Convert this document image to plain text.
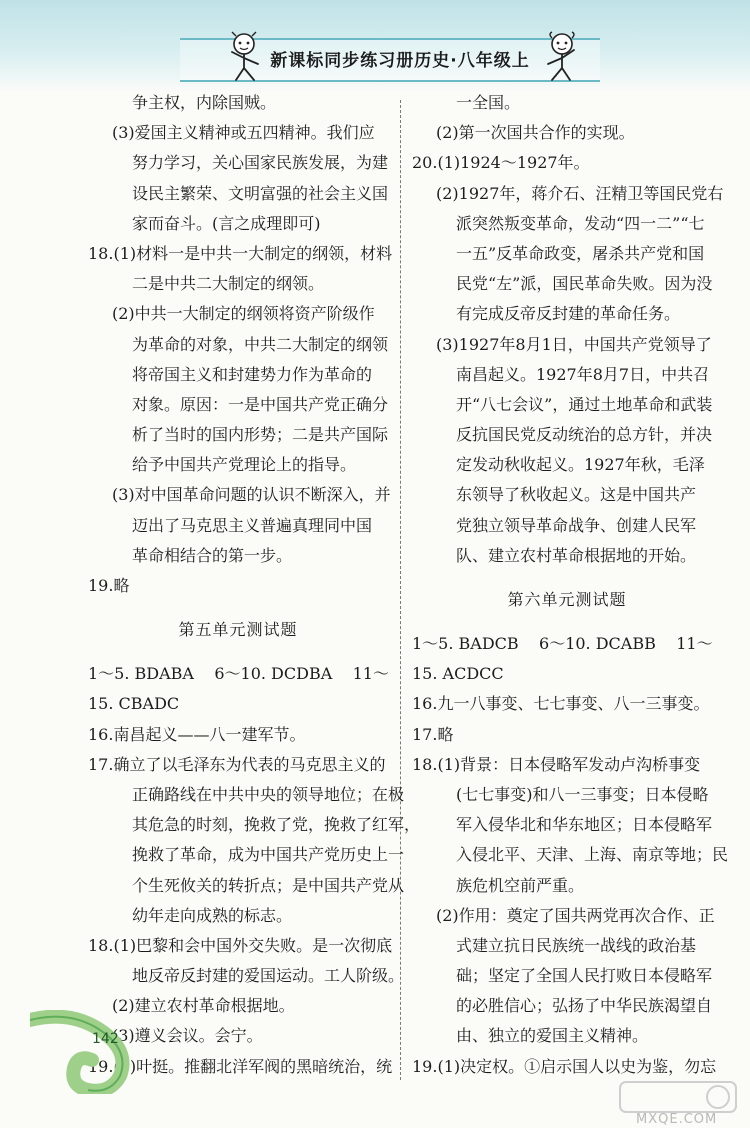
新课标同步练习册历史·八年级上
争主权，内除国贼。
(3)爱国主义精神或五四精神。我们应
努力学习，关心国家民族发展，为建
设民主繁荣、文明富强的社会主义国
家而奋斗。(言之成理即可)
18.(1)材料一是中共一大制定的纲领，材料
二是中共二大制定的纲领。
(2)中共一大制定的纲领将资产阶级作
为革命的对象，中共二大制定的纲领
将帝国主义和封建势力作为革命的
对象。原因：一是中国共产党正确分
析了当时的国内形势；二是共产国际
给予中国共产党理论上的指导。
(3)对中国革命问题的认识不断深入，并
迈出了马克思主义普遍真理同中国
革命相结合的第一步。
19.略
第五单元测试题
1～5. BDABA    6～10. DCDBA    11～
15. CBADC
16.南昌起义——八一建军节。
17.确立了以毛泽东为代表的马克思主义的
正确路线在中共中央的领导地位；在极
其危急的时刻，挽救了党，挽救了红军，
挽救了革命，成为中国共产党历史上一
个生死攸关的转折点；是中国共产党从
幼年走向成熟的标志。
18.(1)巴黎和会中国外交失败。是一次彻底
地反帝反封建的爱国运动。工人阶级。
(2)建立农村革命根据地。
(3)遵义会议。会宁。
19.(1)叶挺。推翻北洋军阀的黑暗统治，统
一全国。
(2)第一次国共合作的实现。
20.(1)1924～1927年。
(2)1927年，蒋介石、汪精卫等国民党右
派突然叛变革命，发动“四一二”“七
一五”反革命政变，屠杀共产党和国
民党“左”派，国民革命失败。因为没
有完成反帝反封建的革命任务。
(3)1927年8月1日，中国共产党领导了
南昌起义。1927年8月7日，中共召
开“八七会议”，通过土地革命和武装
反抗国民党反动统治的总方针，并决
定发动秋收起义。1927年秋，毛泽
东领导了秋收起义。这是中国共产
党独立领导革命战争、创建人民军
队、建立农村革命根据地的开始。
第六单元测试题
1～5. BADCB    6～10. DCABB    11～
15. ACDCC
16.九一八事变、七七事变、八一三事变。
17.略
18.(1)背景：日本侵略军发动卢沟桥事变
(七七事变)和八一三事变；日本侵略
军入侵华北和华东地区；日本侵略军
入侵北平、天津、上海、南京等地；民
族危机空前严重。
(2)作用：奠定了国共两党再次合作、正
式建立抗日民族统一战线的政治基
础；坚定了全国人民打败日本侵略军
的必胜信心；弘扬了中华民族渴望自
由、独立的爱国主义精神。
19.(1)决定权。①启示国人以史为鉴，勿忘
142
MXQE.COM
